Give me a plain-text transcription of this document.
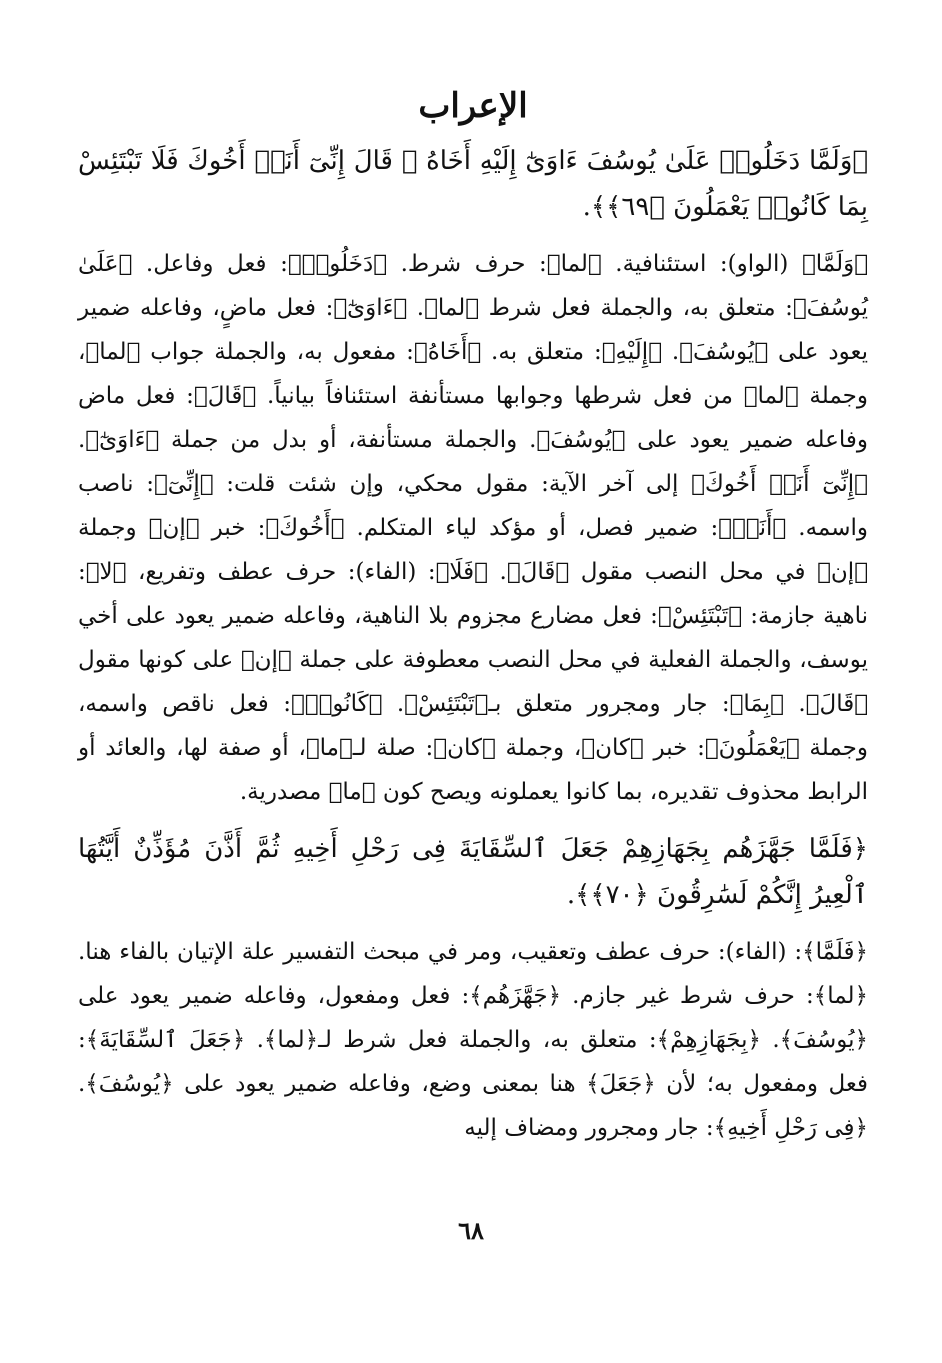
الإعراب

﴿وَلَمَّا دَخَلُوا۟ عَلَىٰ يُوسُفَ ءَاوَىٰٓ إِلَيْهِ أَخَاهُ ۖ قَالَ إِنِّىٓ أَنَا۠ أَخُوكَ فَلَا تَبْتَئِسْ بِمَا كَانُوا۟ يَعْمَلُونَ ﴿٦٩﴾﴾.

﴿وَلَمَّا﴾ (الواو): استئنافية. ﴿لما﴾: حرف شرط. ﴿دَخَلُوا۟﴾: فعل وفاعل. ﴿عَلَىٰ يُوسُفَ﴾: متعلق به، والجملة فعل شرط ﴿لما﴾. ﴿ءَاوَىٰٓ﴾: فعل ماضٍ، وفاعله ضمير يعود على ﴿يُوسُفَ﴾. ﴿إِلَيْهِ﴾: متعلق به. ﴿أَخَاهُ﴾: مفعول به، والجملة جواب ﴿لما﴾، وجملة ﴿لما﴾ من فعل شرطها وجوابها مستأنفة استئنافاً بيانياً. ﴿قَالَ﴾: فعل ماض وفاعله ضمير يعود على ﴿يُوسُفَ﴾. والجملة مستأنفة، أو بدل من جملة ﴿ءَاوَىٰٓ﴾. ﴿إِنِّىٓ أَنَا۠ أَخُوكَ﴾ إلى آخر الآية: مقول محكي، وإن شئت قلت: ﴿إِنِّىٓ﴾: ناصب واسمه. ﴿أَنَا۠﴾: ضمير فصل، أو مؤكد لياء المتكلم. ﴿أَخُوكَ﴾: خبر ﴿إن﴾ وجملة ﴿إن﴾ في محل النصب مقول ﴿قَالَ﴾. ﴿فَلَا﴾: (الفاء): حرف عطف وتفريع، ﴿لا﴾: ناهية جازمة: ﴿تَبْتَئِسْ﴾: فعل مضارع مجزوم بلا الناهية، وفاعله ضمير يعود على أخي يوسف، والجملة الفعلية في محل النصب معطوفة على جملة ﴿إن﴾ على كونها مقول ﴿قَالَ﴾. ﴿بِمَا﴾: جار ومجرور متعلق بـ﴿تَبْتَئِسْ﴾. ﴿كَانُوا۟﴾: فعل ناقص واسمه، وجملة ﴿يَعْمَلُونَ﴾: خبر ﴿كان﴾، وجملة ﴿كان﴾: صلة لـ﴿ما﴾، أو صفة لها، والعائد أو الرابط محذوف تقديره، بما كانوا يعملونه ويصح كون ﴿ما﴾ مصدرية.

﴿فَلَمَّا جَهَّزَهُم بِجَهَازِهِمْ جَعَلَ ٱلسِّقَايَةَ فِى رَحْلِ أَخِيهِ ثُمَّ أَذَّنَ مُؤَذِّنٌ أَيَّتُهَا ٱلْعِيرُ إِنَّكُمْ لَسَٰرِقُونَ ﴿٧٠﴾﴾.

﴿فَلَمَّا﴾: (الفاء): حرف عطف وتعقيب، ومر في مبحث التفسير علة الإتيان بالفاء هنا. ﴿لما﴾: حرف شرط غير جازم. ﴿جَهَّزَهُم﴾: فعل ومفعول، وفاعله ضمير يعود على ﴿يُوسُفَ﴾. ﴿بِجَهَازِهِمْ﴾: متعلق به، والجملة فعل شرط لـ﴿لما﴾. ﴿جَعَلَ ٱلسِّقَايَةَ﴾: فعل ومفعول به؛ لأن ﴿جَعَلَ﴾ هنا بمعنى وضع، وفاعله ضمير يعود على ﴿يُوسُفَ﴾. ﴿فِى رَحْلِ أَخِيهِ﴾: جار ومجرور ومضاف إليه

٦٨
